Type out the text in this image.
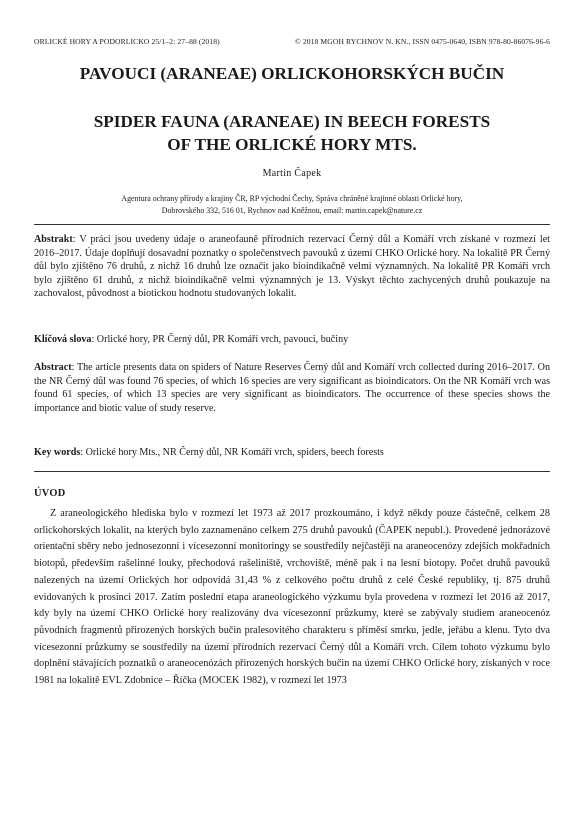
ORLICKÉ HORY A PODORLICKO 25/1–2: 27–88 (2018)	© 2018 MGOH RYCHNOV N. KN., ISSN 0475-0640, ISBN 978-80-86076-96-6
PAVOUCI (ARANEAE) ORLICKOHORSKÝCH BUČIN
SPIDER FAUNA (ARANEAE) IN BEECH FORESTS
OF THE ORLICKÉ HORY MTS.
Martin Čapek
Agentura ochrany přírody a krajiny ČR, RP východní Čechy, Správa chráněné krajinné oblasti Orlické hory,
Dobrovského 332, 516 01, Rychnov nad Kněžnou, email: martin.capek@nature.cz

Abstrakt: V práci jsou uvedeny údaje o araneofauně přírodních rezervací Černý důl a Komáří vrch získané v rozmezí let 2016–2017. Údaje doplňují dosavadní poznatky o společenstvech pavouků z území CHKO Orlické hory. Na lokalitě PR Černý důl bylo zjištěno 76 druhů, z nichž 16 druhů lze označit jako bioindikačně velmi významných. Na lokalitě PR Komáří vrch bylo zjištěno 61 druhů, z nichž bioindikačně velmi významných je 13. Výskyt těchto zachycených druhů poukazuje na zachovalost, původnost a biotickou hodnotu studovaných lokalit.

Klíčová slova: Orlické hory, PR Černý důl, PR Komáří vrch, pavouci, bučiny

Abstract: The article presents data on spiders of Nature Reserves Černý důl and Komáří vrch collected during 2016–2017. On the NR Černý důl was found 76 species, of which 16 species are very significant as bioindicators. On the NR Komáří vrch was found 61 species, of which 13 species are very significant as bioindicators. The occurrence of these species shows the importance and biotic value of study reserve.

Key words: Orlické hory Mts., NR Černý důl, NR Komáří vrch, spiders, beech forests

ÚVOD

Z araneologického hlediska bylo v rozmezí let 1973 až 2017 prozkoumáno, i když někdy pouze částečně, celkem 28 orlickohorských lokalit, na kterých bylo zaznamenáno celkem 275 druhů pavouků (ČAPEK nepubl.). Provedené jednorázové orientační sběry nebo jednosezonní i vícesezonní monitoringy se soustředily nejčastěji na araneocenózy zdejších mokřadních biotopů, především rašelinné louky, přechodová rašeliniště, vrchoviště, méně pak i na lesní biotopy. Počet druhů pavouků nalezených na území Orlických hor odpovídá 31,43 % z celkového počtu druhů z celé České republiky, tj. 875 druhů evidovaných k prosinci 2017. Zatím poslední etapa araneologického výzkumu byla provedena v rozmezí let 2016 až 2017, kdy byly na území CHKO Orlické hory realizovány dva vícesezonní průzkumy, které se zabývaly studiem araneocenóz původních fragmentů přirozených horských bučin pralesovitého charakteru s příměsí smrku, jedle, jeřábu a klenu. Tyto dva vícesezonní průzkumy se soustředily na území přírodních rezervací Černý důl a Komáří vrch. Cílem tohoto výzkumu bylo doplnění stávajících poznatků o araneocenózách přirozených horských bučin na území CHKO Orlické hory, získaných v roce 1981 na lokalitě EVL Zdobnice – Říčka (MOCEK 1982), v rozmezí let 1973
